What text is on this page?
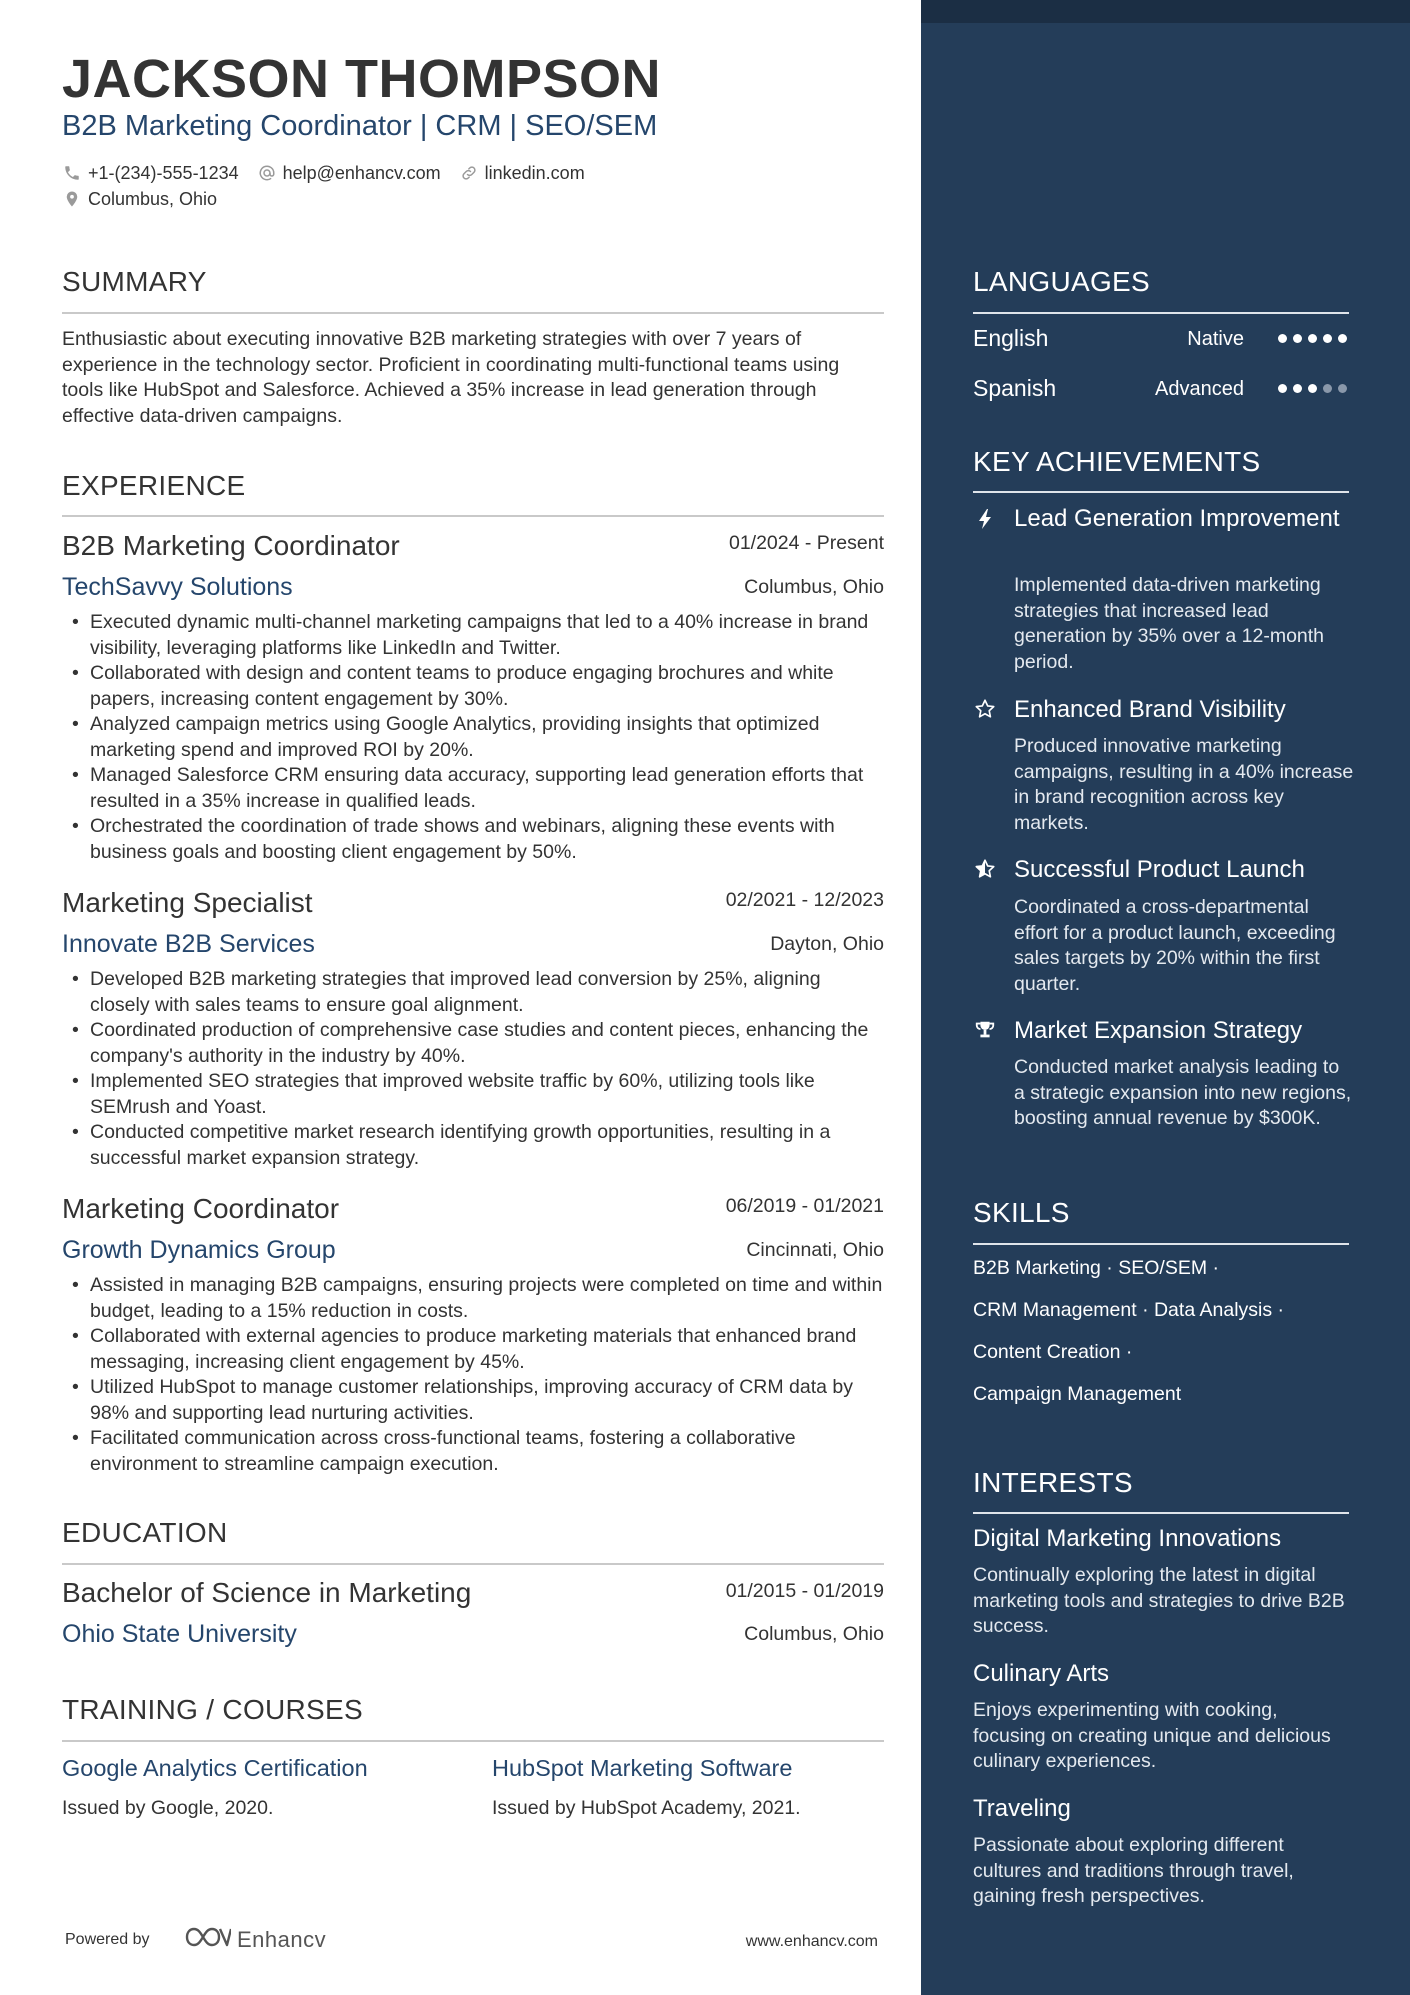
JACKSON THOMPSON
B2B Marketing Coordinator | CRM | SEO/SEM
+1-(234)-555-1234 help@enhancv.com linkedin.com
Columbus, Ohio
SUMMARY
Enthusiastic about executing innovative B2B marketing strategies with over 7 years of experience in the technology sector. Proficient in coordinating multi-functional teams using tools like HubSpot and Salesforce. Achieved a 35% increase in lead generation through effective data-driven campaigns.
EXPERIENCE
B2B Marketing Coordinator	01/2024 - Present
TechSavvy Solutions	Columbus, Ohio
• Executed dynamic multi-channel marketing campaigns that led to a 40% increase in brand visibility, leveraging platforms like LinkedIn and Twitter.
• Collaborated with design and content teams to produce engaging brochures and white papers, increasing content engagement by 30%.
• Analyzed campaign metrics using Google Analytics, providing insights that optimized marketing spend and improved ROI by 20%.
• Managed Salesforce CRM ensuring data accuracy, supporting lead generation efforts that resulted in a 35% increase in qualified leads.
• Orchestrated the coordination of trade shows and webinars, aligning these events with business goals and boosting client engagement by 50%.
Marketing Specialist	02/2021 - 12/2023
Innovate B2B Services	Dayton, Ohio
• Developed B2B marketing strategies that improved lead conversion by 25%, aligning closely with sales teams to ensure goal alignment.
• Coordinated production of comprehensive case studies and content pieces, enhancing the company's authority in the industry by 40%.
• Implemented SEO strategies that improved website traffic by 60%, utilizing tools like SEMrush and Yoast.
• Conducted competitive market research identifying growth opportunities, resulting in a successful market expansion strategy.
Marketing Coordinator	06/2019 - 01/2021
Growth Dynamics Group	Cincinnati, Ohio
• Assisted in managing B2B campaigns, ensuring projects were completed on time and within budget, leading to a 15% reduction in costs.
• Collaborated with external agencies to produce marketing materials that enhanced brand messaging, increasing client engagement by 45%.
• Utilized HubSpot to manage customer relationships, improving accuracy of CRM data by 98% and supporting lead nurturing activities.
• Facilitated communication across cross-functional teams, fostering a collaborative environment to streamline campaign execution.
EDUCATION
Bachelor of Science in Marketing	01/2015 - 01/2019
Ohio State University	Columbus, Ohio
TRAINING / COURSES
Google Analytics Certification
Issued by Google, 2020.
HubSpot Marketing Software
Issued by HubSpot Academy, 2021.
Powered by	Enhancv	www.enhancv.com
LANGUAGES
English	Native
Spanish	Advanced
KEY ACHIEVEMENTS
Lead Generation Improvement
Implemented data-driven marketing strategies that increased lead generation by 35% over a 12-month period.
Enhanced Brand Visibility
Produced innovative marketing campaigns, resulting in a 40% increase in brand recognition across key markets.
Successful Product Launch
Coordinated a cross-departmental effort for a product launch, exceeding sales targets by 20% within the first quarter.
Market Expansion Strategy
Conducted market analysis leading to a strategic expansion into new regions, boosting annual revenue by $300K.
SKILLS
B2B Marketing · SEO/SEM ·
CRM Management · Data Analysis ·
Content Creation ·
Campaign Management
INTERESTS
Digital Marketing Innovations
Continually exploring the latest in digital marketing tools and strategies to drive B2B success.
Culinary Arts
Enjoys experimenting with cooking, focusing on creating unique and delicious culinary experiences.
Traveling
Passionate about exploring different cultures and traditions through travel, gaining fresh perspectives.
